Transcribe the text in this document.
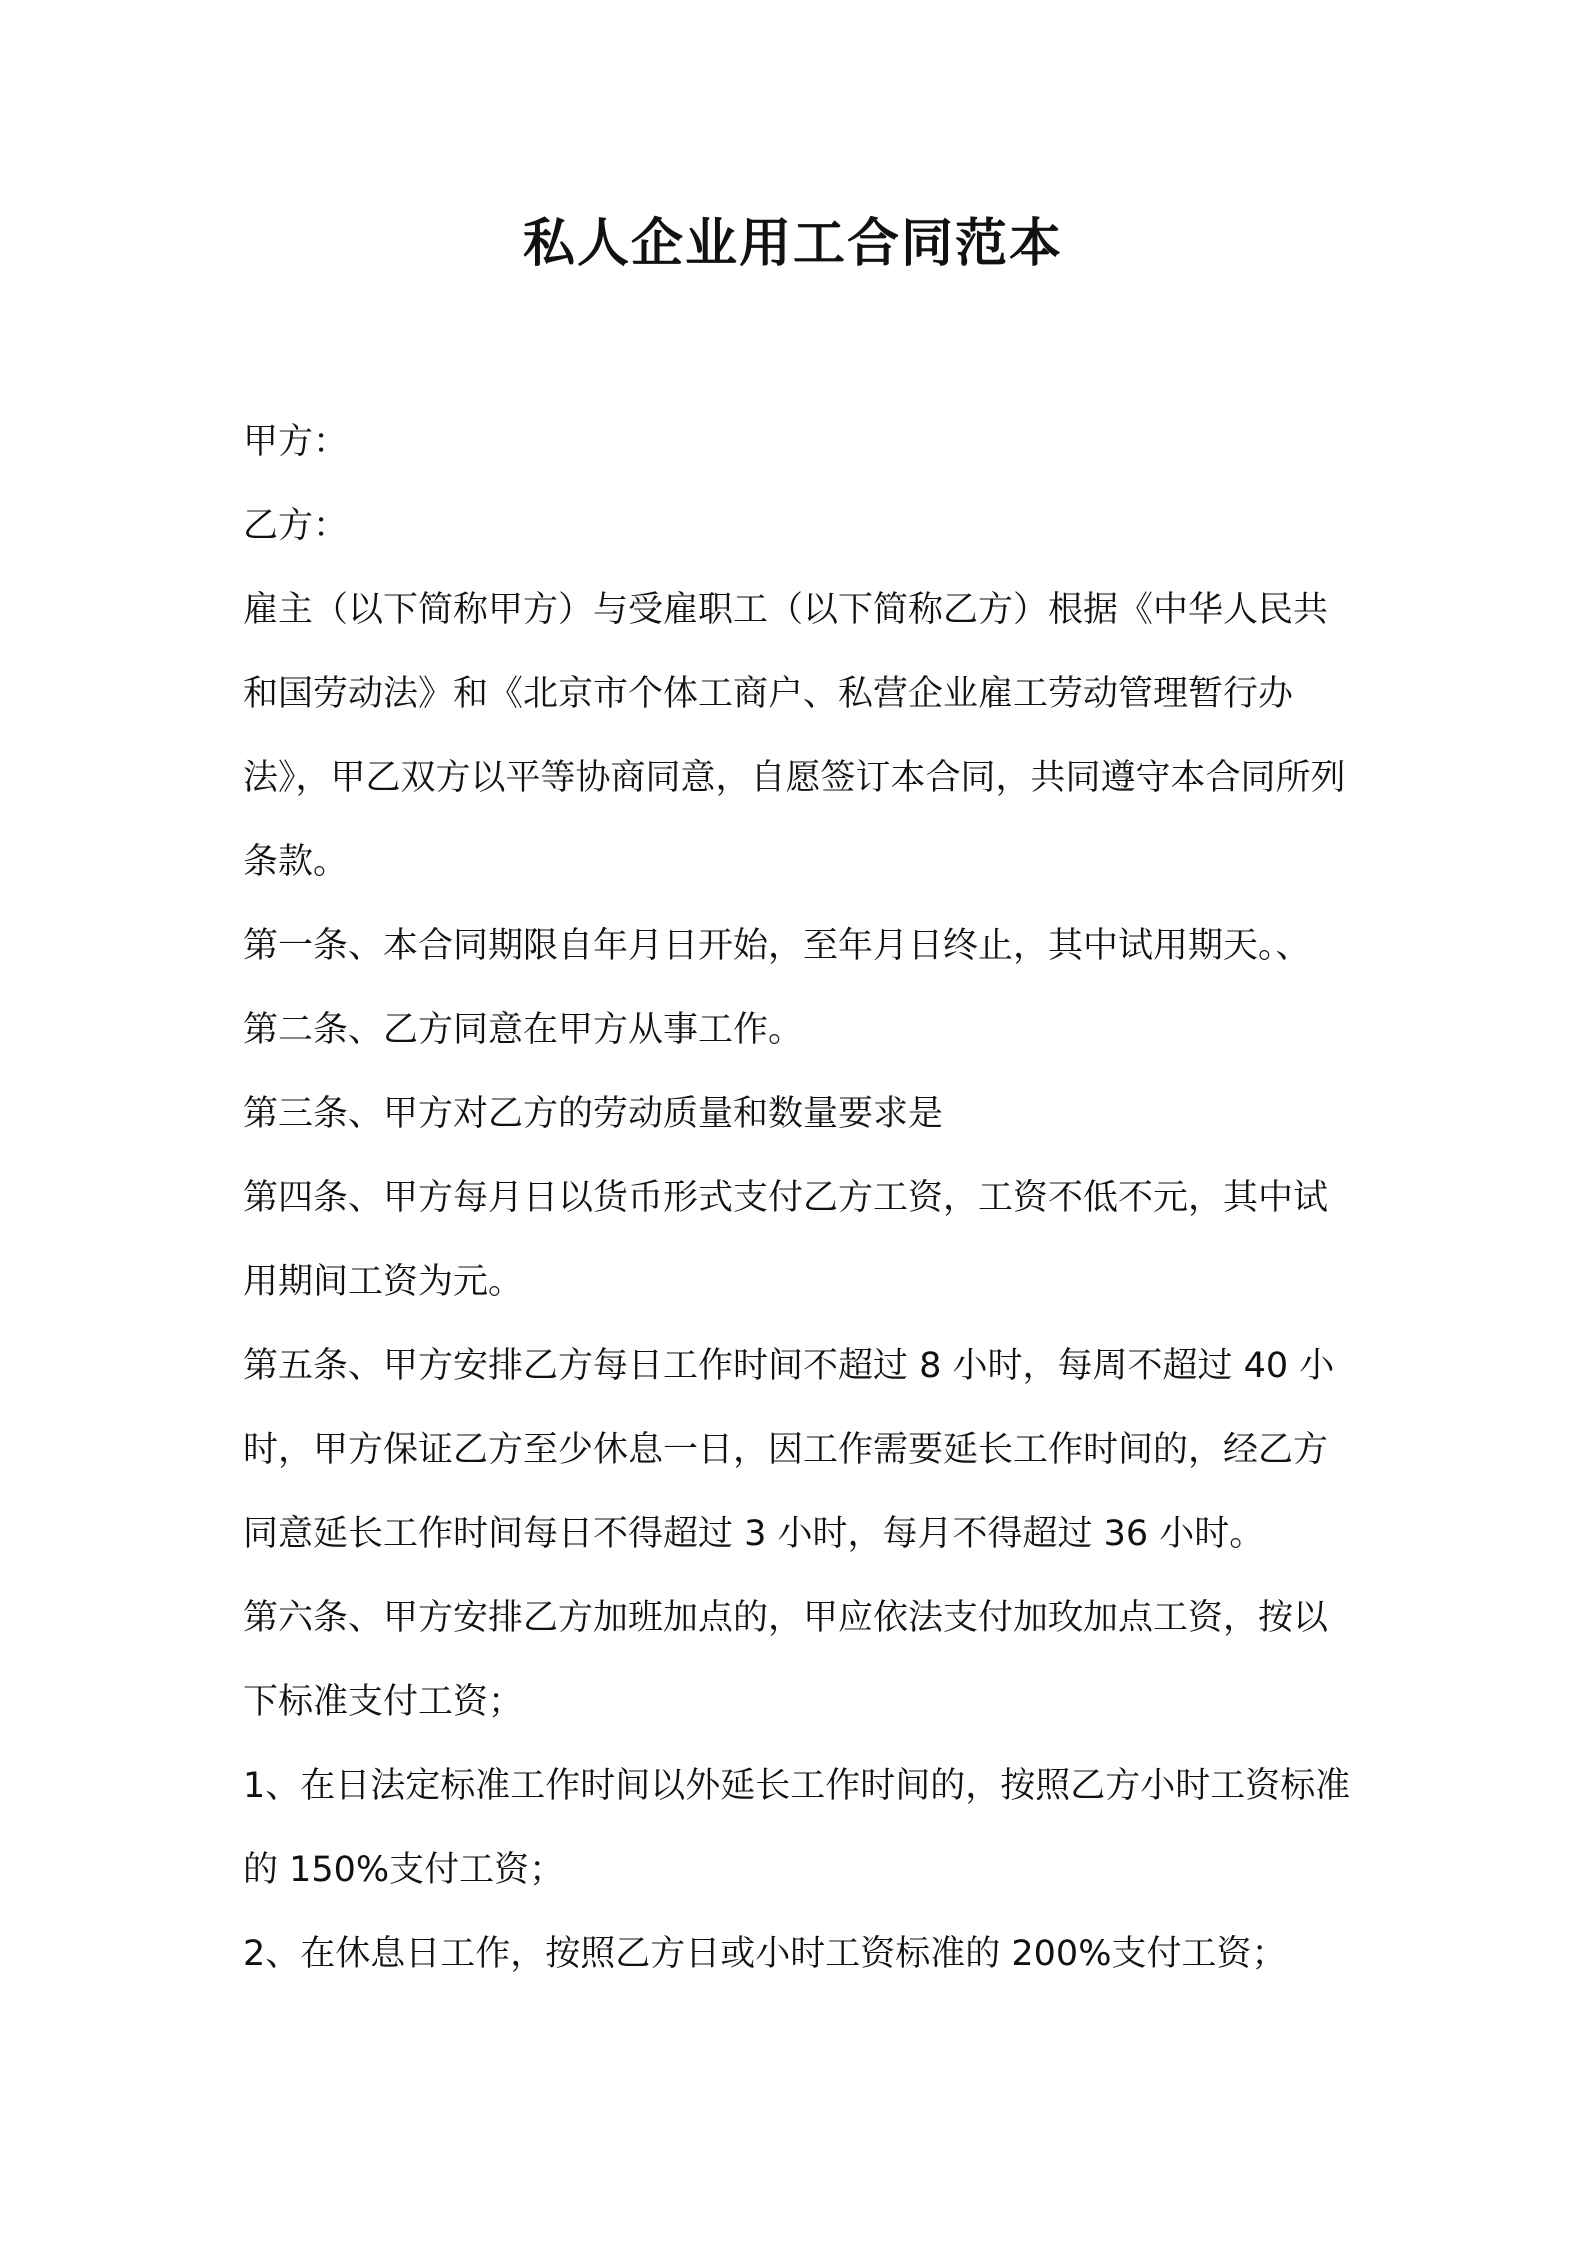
私人企业用工合同范本

甲方：

乙方：

雇主（以下简称甲方）与受雇职工（以下简称乙方）根据《中华人民共和国劳动法》和《北京市个体工商户、私营企业雇工劳动管理暂行办法》，甲乙双方以平等协商同意，自愿签订本合同，共同遵守本合同所列条款。

第一条、本合同期限自年月日开始，至年月日终止，其中试用期天。、

第二条、乙方同意在甲方从事工作。

第三条、甲方对乙方的劳动质量和数量要求是

第四条、甲方每月日以货币形式支付乙方工资，工资不低不元，其中试用期间工资为元。

第五条、甲方安排乙方每日工作时间不超过 8 小时，每周不超过 40 小时，甲方保证乙方至少休息一日，因工作需要延长工作时间的，经乙方同意延长工作时间每日不得超过 3 小时，每月不得超过 36 小时。

第六条、甲方安排乙方加班加点的，甲应依法支付加玫加点工资，按以下标准支付工资；

1、在日法定标准工作时间以外延长工作时间的，按照乙方小时工资标准的 150%支付工资；

2、在休息日工作，按照乙方日或小时工资标准的 200%支付工资；
